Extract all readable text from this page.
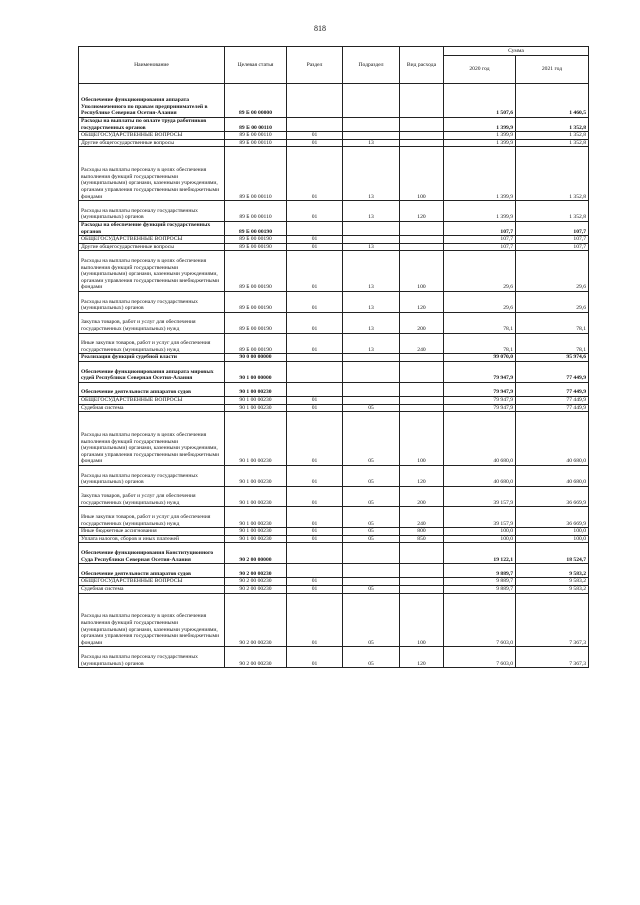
818
Наименование	Целевая статья	Раздел	Подраздел	Вид расхода	Сумма	
					2020 год	2021 год
Обеспечение функционирования аппарата Уполномоченного по правам предпринимателей в Республике Северная Осетия-Алания	89 Б 00 00000				1 507,6	1 460,5
Расходы на выплаты по оплате труда работников государственных органов	89 Б 00 00110				1 399,9	1 352,8
ОБЩЕГОСУДАРСТВЕННЫЕ ВОПРОСЫ	89 Б 00 00110	01			1 399,9	1 352,8
Другие общегосударственные вопросы	89 Б 00 00110	01	13		1 399,9	1 352,8
Расходы на выплаты персоналу в целях обеспечения выполнения функций государственными (муниципальными) органами, казенными учреждениями, органами управления государственными внебюджетными фондами	89 Б 00 00110	01	13	100	1 399,9	1 352,8
Расходы на выплаты персоналу государственных (муниципальных) органов	89 Б 00 00110	01	13	120	1 399,9	1 352,8
Расходы на обеспечение функций государственных органов	89 Б 00 00190				107,7	107,7
ОБЩЕГОСУДАРСТВЕННЫЕ ВОПРОСЫ	89 Б 00 00190	01			107,7	107,7
Другие общегосударственные вопросы	89 Б 00 00190	01	13		107,7	107,7
Расходы на выплаты персоналу в целях обеспечения выполнения функций государственными (муниципальными) органами, казенными учреждениями, органами управления государственными внебюджетными фондами	89 Б 00 00190	01	13	100	29,6	29,6
Расходы на выплаты персоналу государственных (муниципальных) органов	89 Б 00 00190	01	13	120	29,6	29,6
Закупка товаров, работ и услуг для обеспечения государственных (муниципальных) нужд	89 Б 00 00190	01	13	200	78,1	78,1
Иные закупки товаров, работ и услуг для обеспечения государственных (муниципальных) нужд	89 Б 00 00190	01	13	240	78,1	78,1
Реализация функций судебной власти	90 0 00 00000				99 070,0	95 974,6
Обеспечение функционирования аппарата мировых судей Республики Северная Осетия-Алания	90 1 00 00000				79 947,9	77 449,9
Обеспечение деятельности аппаратов судов	90 1 00 00230				79 947,9	77 449,9
ОБЩЕГОСУДАРСТВЕННЫЕ ВОПРОСЫ	90 1 00 00230	01			79 947,9	77 449,9
Судебная система	90 1 00 00230	01	05		79 947,9	77 449,9
Расходы на выплаты персоналу в целях обеспечения выполнения функций государственными (муниципальными) органами, казенными учреждениями, органами управления государственными внебюджетными фондами	90 1 00 00230	01	05	100	40 680,0	40 680,0
Расходы на выплаты персоналу государственных (муниципальных) органов	90 1 00 00230	01	05	120	40 680,0	40 680,0
Закупка товаров, работ и услуг для обеспечения государственных (муниципальных) нужд	90 1 00 00230	01	05	200	39 157,9	36 669,9
Иные закупки товаров, работ и услуг для обеспечения государственных (муниципальных) нужд	90 1 00 00230	01	05	240	39 157,9	36 669,9
Иные бюджетные ассигнования	90 1 00 00230	01	05	800	100,0	100,0
Уплата налогов, сборов и иных платежей	90 1 00 00230	01	05	850	100,0	100,0
Обеспечение функционирования Конституционного Суда Республики Северная Осетия-Алания	90 2 00 00000				19 122,1	18 524,7
Обеспечение деятельности аппаратов судов	90 2 00 00230				9 889,7	9 583,2
ОБЩЕГОСУДАРСТВЕННЫЕ ВОПРОСЫ	90 2 00 00230	01			9 889,7	9 583,2
Судебная система	90 2 00 00230	01	05		9 889,7	9 583,2
Расходы на выплаты персоналу в целях обеспечения выполнения функций государственными (муниципальными) органами, казенными учреждениями, органами управления государственными внебюджетными фондами	90 2 00 00230	01	05	100	7 603,0	7 367,3
Расходы на выплаты персоналу государственных (муниципальных) органов	90 2 00 00230	01	05	120	7 603,0	7 367,3
